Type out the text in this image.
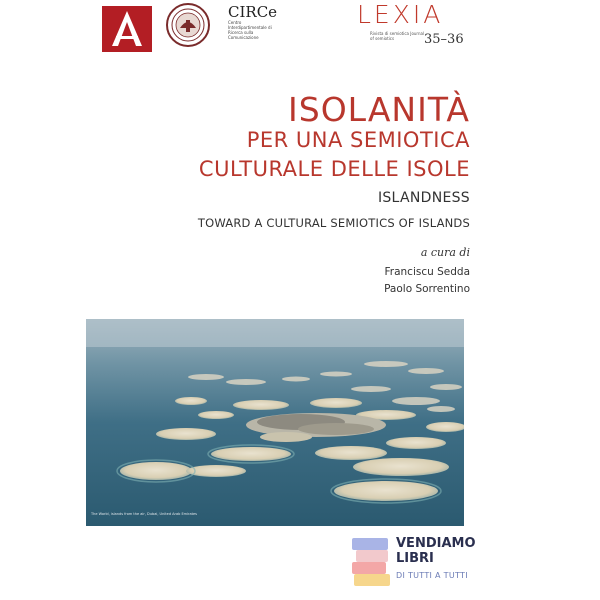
CIRCe
Centro Interdipartimentale di Ricerca sulla Comunicazione
LEXIA
Rivista di semiotica Journal of semiotics	35–36
ISOLANITÀ
PER UNA SEMIOTICA
CULTURALE DELLE ISOLE
ISLANDNESS
TOWARD A CULTURAL SEMIOTICS OF ISLANDS
a cura di
Franciscu Sedda
Paolo Sorrentino
The World, islands from the air, Dubai, United Arab Emirates
VENDIAMO
LIBRI
DI TUTTI A TUTTI
